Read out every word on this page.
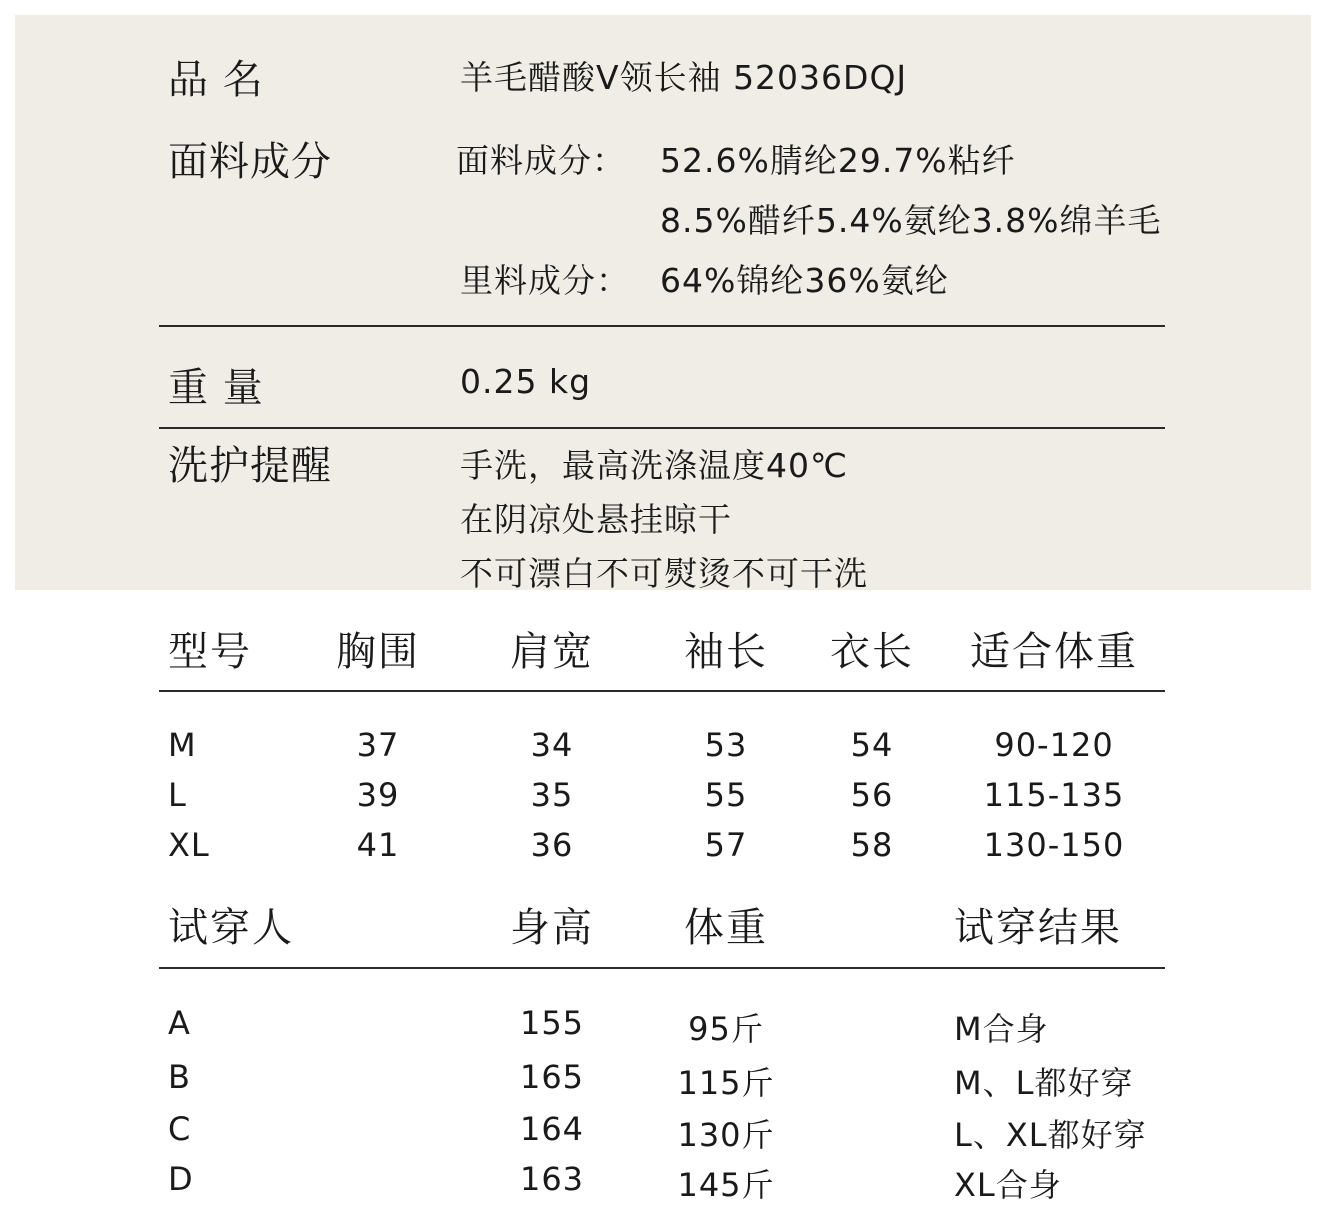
品 名	羊毛醋酸V领长袖 52036DQJ
面料成分	面料成分： 52.6%腈纶29.7%粘纤
8.5%醋纤5.4%氨纶3.8%绵羊毛
里料成分： 64%锦纶36%氨纶
重 量	0.25 kg
洗护提醒	手洗，最高洗涤温度40℃
在阴凉处悬挂晾干
不可漂白不可熨烫不可干洗
型号 胸围 肩宽 袖长 衣长 适合体重
M	37	34	53	54	90-120
L	39	35	55	56	115-135
XL	41	36	57	58	130-150
试穿人	身高 体重	试穿结果
A	155	95斤	M合身
B	165	115斤	M、L都好穿
C	164	130斤	L、XL都好穿
D	163	145斤	XL合身
